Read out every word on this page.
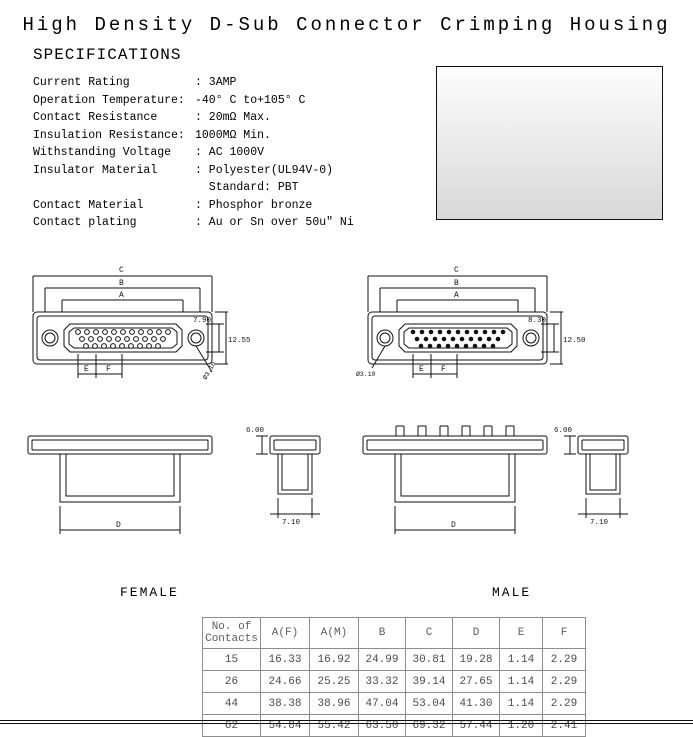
High Density D-Sub Connector Crimping Housing
SPECIFICATIONS
Current Rating	: 3AMP
Operation Temperature: -40° C to+105° C
Contact Resistance	: 20mΩ Max.
Insulation Resistance: 1000MΩ Min.
Withstanding Voltage	: AC 1000V
Insulator Material	: Polyester(UL94V-0)
Standard: PBT
Contact Material	: Phosphor bronze
Contact plating	: Au or Sn over 50u" Ni
C
B
A
E F
7.90
12.55
Ø3.10
C
B
A
E F
8.30
12.50
Ø3.10
D
6.00
7.10	D
6.00
7.10
FEMALE	MALE
No. of
Contacts	A(F)	A(M)	B	C	D	E	F
15	16.33	16.92	24.99	30.81	19.28	1.14	2.29
26	24.66	25.25	33.32	39.14	27.65	1.14	2.29
44	38.38	38.96	47.04	53.04	41.30	1.14	2.29
62	54.84	55.42	63.50	69.32	57.44	1.20	2.41
